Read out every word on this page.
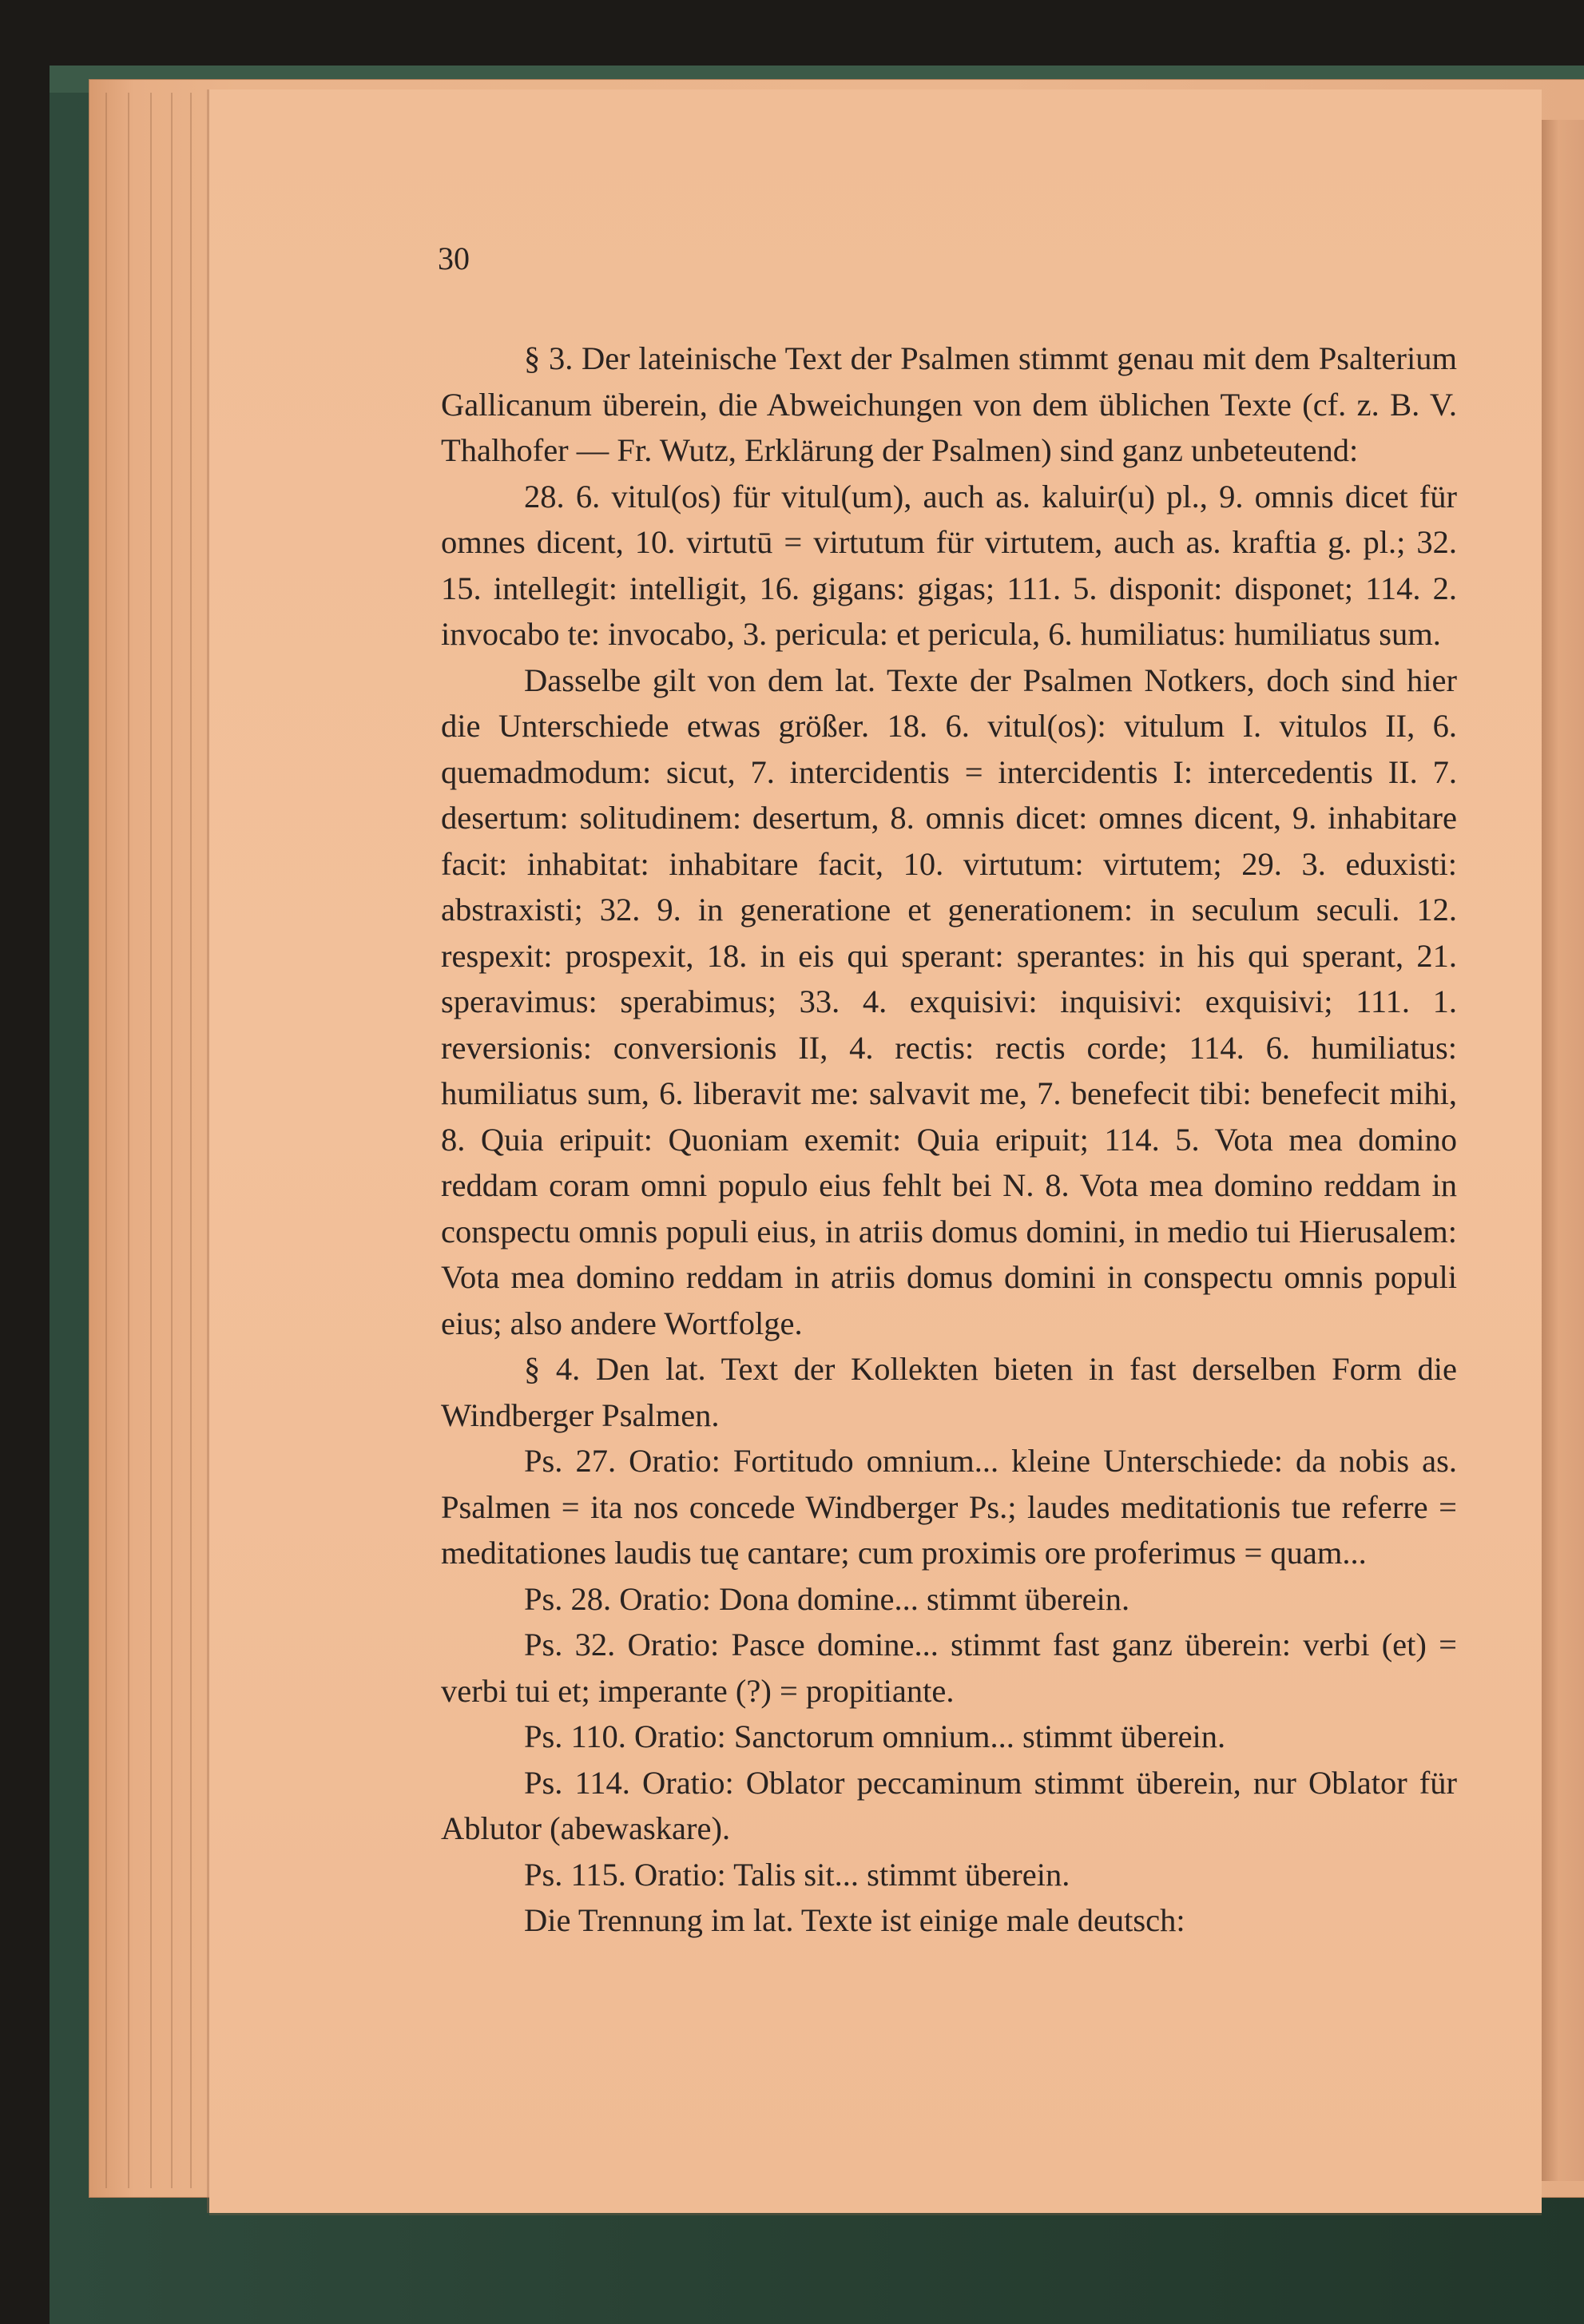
30

§ 3. Der lateinische Text der Psalmen stimmt genau mit dem Psalterium Gallicanum überein, die Abweichungen von dem üblichen Texte (cf. z. B. V. Thalhofer — Fr. Wutz, Erklärung der Psalmen) sind ganz unbeteutend:

28. 6. vitul(os) für vitul(um), auch as. kaluir(u) pl., 9. omnis dicet für omnes dicent, 10. virtutū = virtutum für virtutem, auch as. kraftia g. pl.; 32. 15. intellegit: intelligit, 16. gigans: gigas; 111. 5. disponit: disponet; 114. 2. invocabo te: invocabo, 3. pericula: et pericula, 6. humiliatus: humiliatus sum.

Dasselbe gilt von dem lat. Texte der Psalmen Notkers, doch sind hier die Unterschiede etwas größer. 18. 6. vitul(os): vitulum I. vitulos II, 6. quemadmodum: sicut, 7. intercidentis = intercidentis I: intercedentis II. 7. desertum: solitudinem: desertum, 8. omnis dicet: omnes dicent, 9. inhabitare facit: inhabitat: inhabitare facit, 10. virtutum: virtutem; 29. 3. eduxisti: abstraxisti; 32. 9. in generatione et generationem: in seculum seculi. 12. respexit: prospexit, 18. in eis qui sperant: sperantes: in his qui sperant, 21. speravimus: sperabimus; 33. 4. exquisivi: inquisivi: exquisivi; 111. 1. reversionis: conversionis II, 4. rectis: rectis corde; 114. 6. humiliatus: humiliatus sum, 6. liberavit me: salvavit me, 7. benefecit tibi: benefecit mihi, 8. Quia eripuit: Quoniam exemit: Quia eripuit; 114. 5. Vota mea domino reddam coram omni populo eius fehlt bei N. 8. Vota mea domino reddam in conspectu omnis populi eius, in atriis domus domini, in medio tui Hierusalem: Vota mea domino reddam in atriis domus domini in conspectu omnis populi eius; also andere Wortfolge.

§ 4. Den lat. Text der Kollekten bieten in fast derselben Form die Windberger Psalmen.

Ps. 27. Oratio: Fortitudo omnium... kleine Unterschiede: da nobis as. Psalmen = ita nos concede Windberger Ps.; laudes meditationis tue referre = meditationes laudis tuę cantare; cum proximis ore proferimus = quam...

Ps. 28. Oratio: Dona domine... stimmt überein.

Ps. 32. Oratio: Pasce domine... stimmt fast ganz überein: verbi (et) = verbi tui et; imperante (?) = propitiante.

Ps. 110. Oratio: Sanctorum omnium... stimmt überein.

Ps. 114. Oratio: Oblator peccaminum stimmt überein, nur Oblator für Ablutor (abewaskare).

Ps. 115. Oratio: Talis sit... stimmt überein.

Die Trennung im lat. Texte ist einige male deutsch:
